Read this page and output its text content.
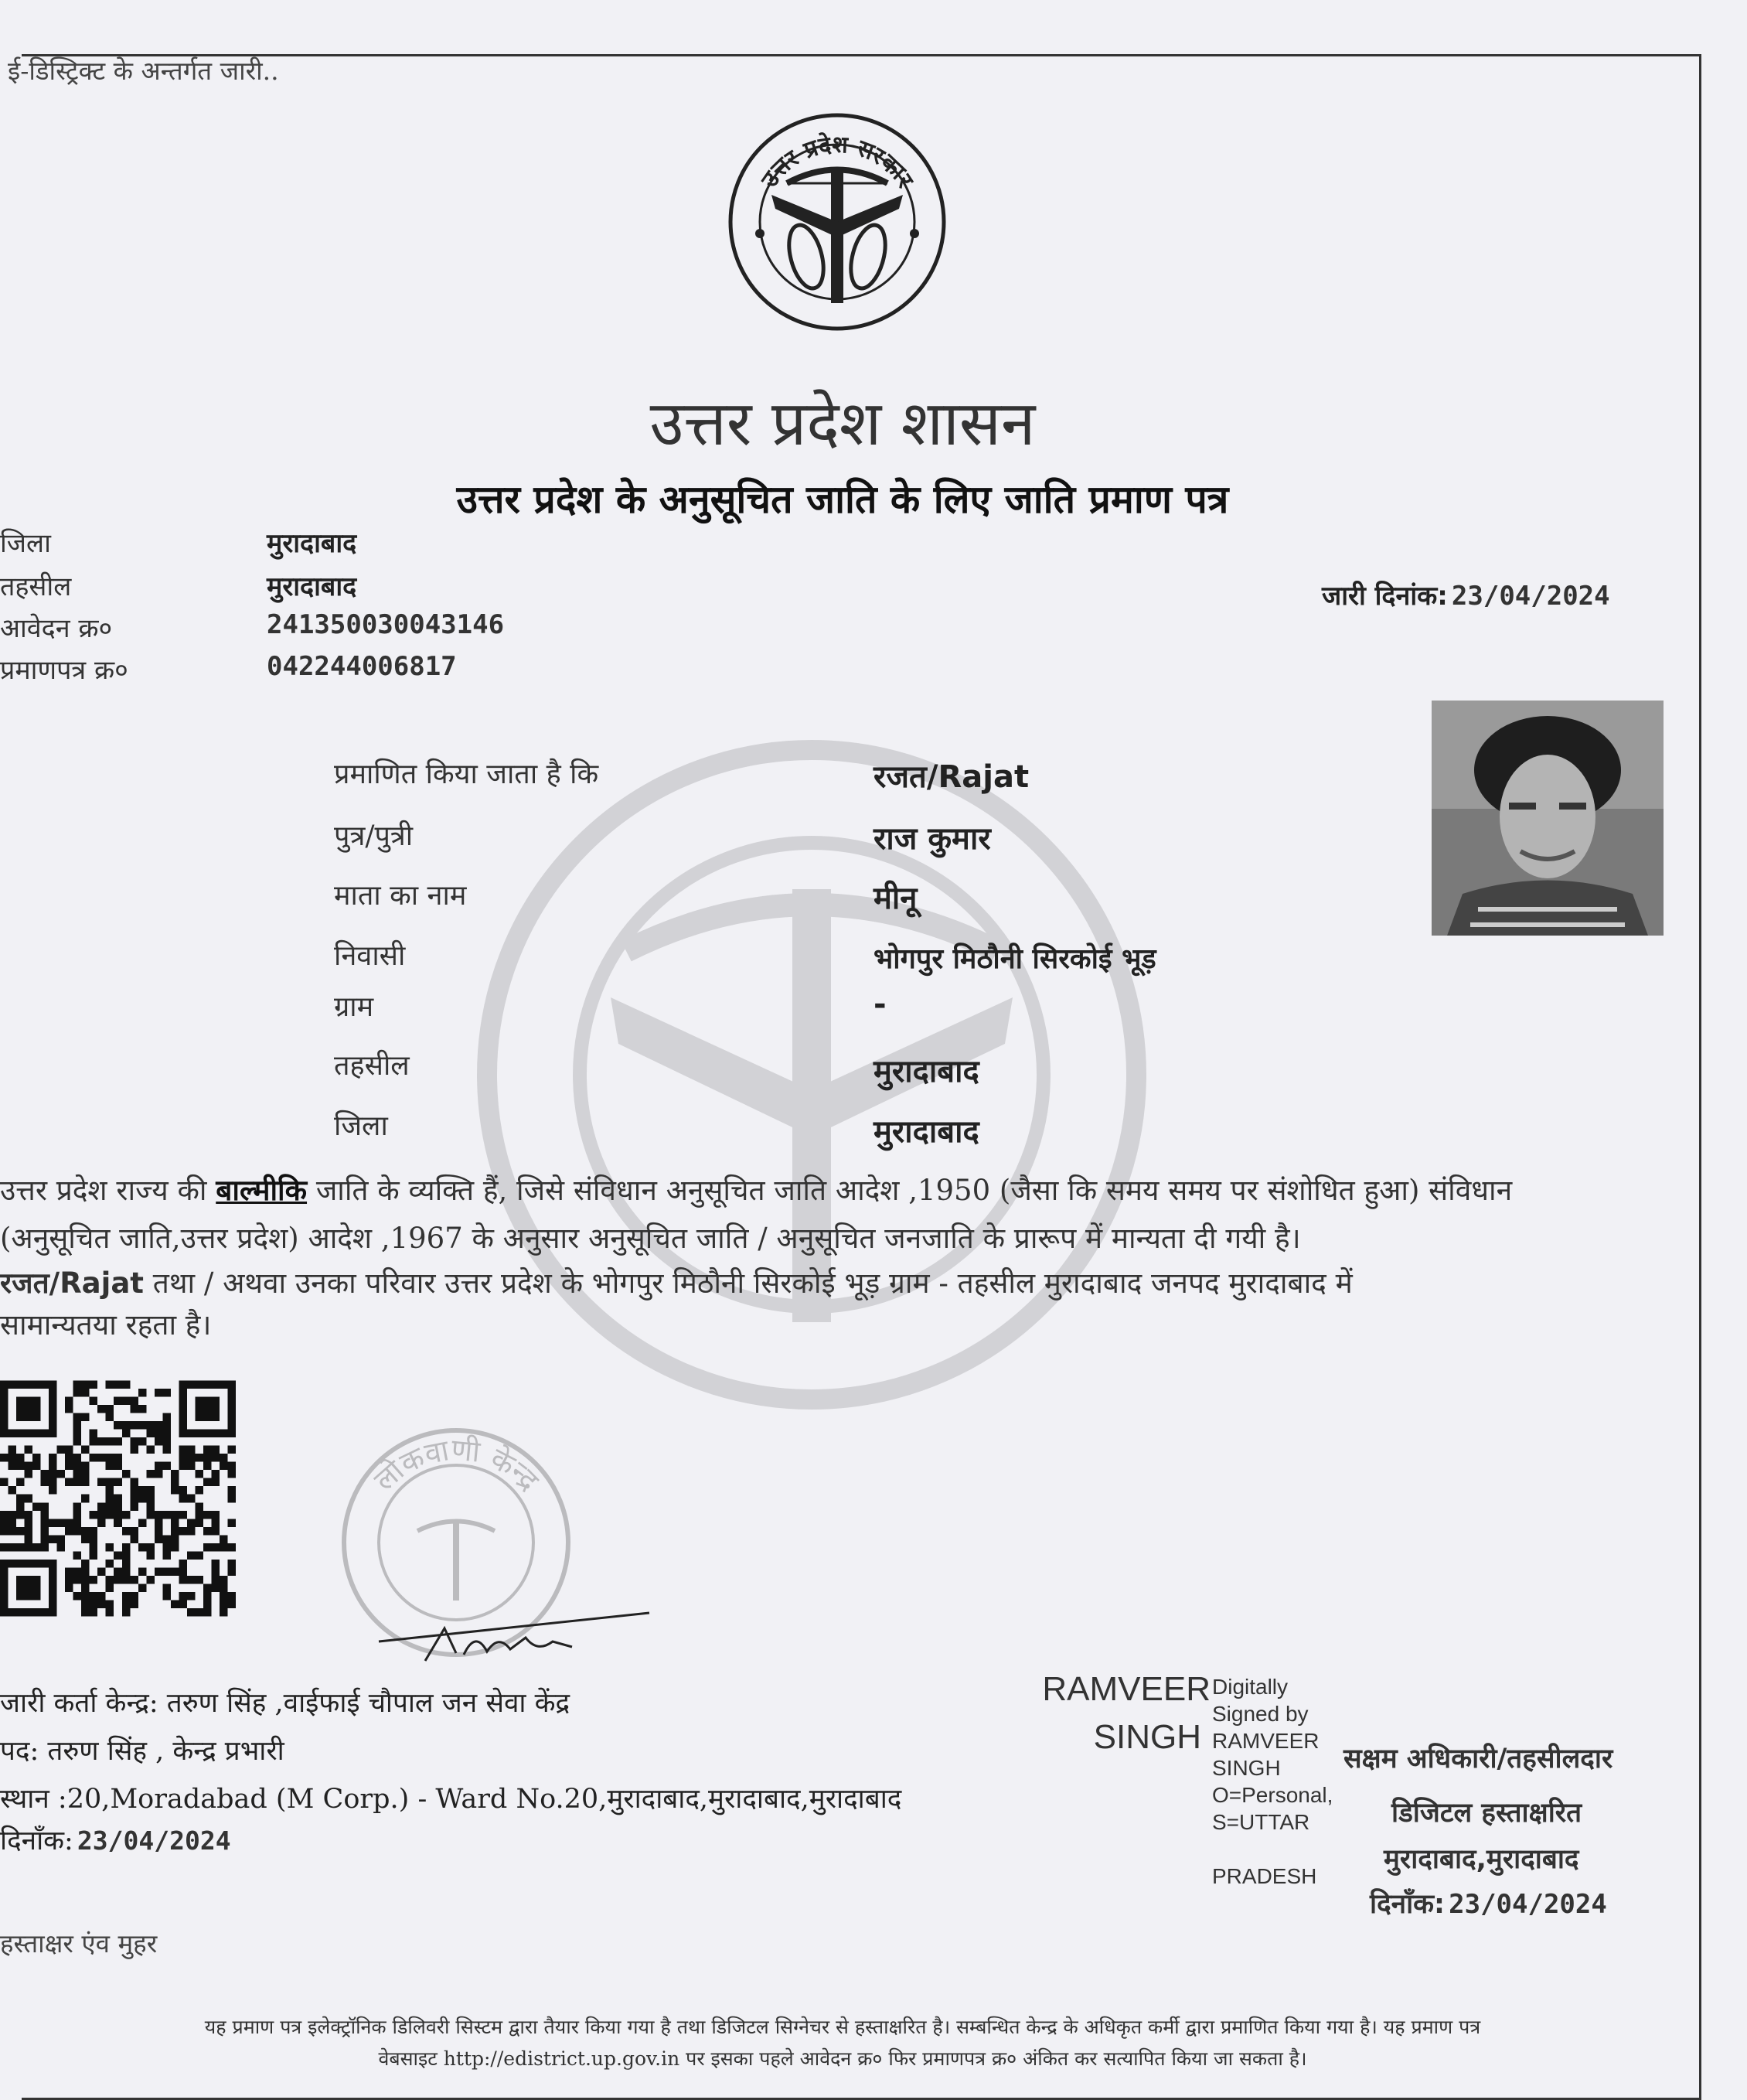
ई-डिस्ट्रिक्ट के अन्तर्गत जारी..
उत्तर प्रदेश सरकार
उत्तर प्रदेश शासन
उत्तर प्रदेश के अनुसूचित जाति के लिए जाति प्रमाण पत्र
जिला	मुरादाबाद
तहसील	मुरादाबाद
आवेदन क्र०	241350030043146
प्रमाणपत्र क्र०	042244006817
जारी दिनांक: 23/04/2024
प्रमाणित किया जाता है कि	रजत/Rajat
पुत्र/पुत्री	राज कुमार
माता का नाम	मीनू
निवासी	भोगपुर मिठौनी सिरकोई भूड़
ग्राम	-
तहसील	मुरादाबाद
जिला	मुरादाबाद
उत्तर प्रदेश राज्य की बाल्मीकि जाति के व्यक्ति हैं, जिसे संविधान अनुसूचित जाति आदेश ,1950 (जैसा कि समय समय पर संशोधित हुआ) संविधान
(अनुसूचित जाति,उत्तर प्रदेश) आदेश ,1967 के अनुसार अनुसूचित जाति / अनुसूचित जनजाति के प्रारूप में मान्यता दी गयी है।
रजत/Rajat तथा / अथवा उनका परिवार उत्तर प्रदेश के भोगपुर मिठौनी सिरकोई भूड़ ग्राम - तहसील मुरादाबाद जनपद मुरादाबाद में
सामान्यतया रहता है।
लोकवाणी केन्द्र
जारी कर्ता केन्द्र: तरुण सिंह ,वाईफाई चौपाल जन सेवा केंद्र
पद: तरुण सिंह , केन्द्र प्रभारी
स्थान :20,Moradabad (M Corp.) - Ward No.20,मुरादाबाद,मुरादाबाद,मुरादाबाद
दिनाँक: 23/04/2024
हस्ताक्षर एंव मुहर
RAMVEER
SINGH
Digitally
Signed by
RAMVEER
SINGH
O=Personal,
S=UTTAR
PRADESH
सक्षम अधिकारी/तहसीलदार
डिजिटल हस्ताक्षरित
मुरादाबाद,मुरादाबाद
दिनाँक: 23/04/2024
यह प्रमाण पत्र इलेक्ट्रॉनिक डिलिवरी सिस्टम द्वारा तैयार किया गया है तथा डिजिटल सिग्नेचर से हस्ताक्षरित है। सम्बन्धित केन्द्र के अधिकृत कर्मी द्वारा प्रमाणित किया गया है। यह प्रमाण पत्र
वेबसाइट http://edistrict.up.gov.in पर इसका पहले आवेदन क्र० फिर प्रमाणपत्र क्र० अंकित कर सत्यापित किया जा सकता है।
